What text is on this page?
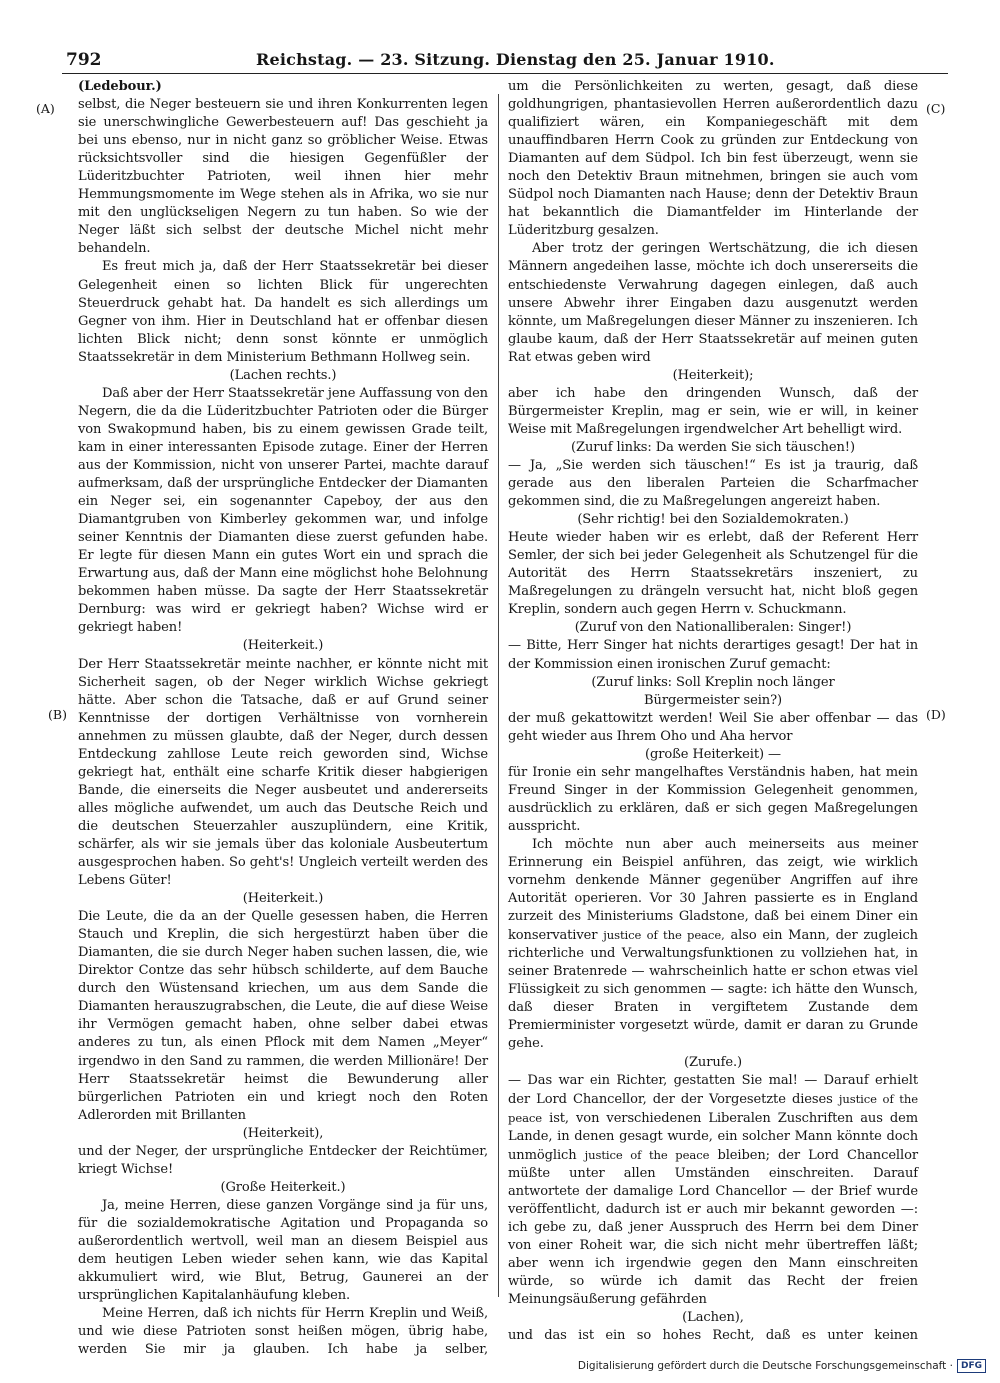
792	Reichstag. — 23. Sitzung. Dienstag den 25. Januar 1910.
(A)
(B)
(C)
(D)

(Ledebour.)

selbst, die Neger besteuern sie und ihren Konkurrenten legen sie unerschwingliche Gewerbesteuern auf! Das geschieht ja bei uns ebenso, nur in nicht ganz so gröblicher Weise. Etwas rücksichtsvoller sind die hiesigen Gegenfüßler der Lüderitzbuchter Patrioten, weil ihnen hier mehr Hemmungsmomente im Wege stehen als in Afrika, wo sie nur mit den unglückseligen Negern zu tun haben. So wie der Neger läßt sich selbst der deutsche Michel nicht mehr behandeln.

Es freut mich ja, daß der Herr Staatssekretär bei dieser Gelegenheit einen so lichten Blick für ungerechten Steuerdruck gehabt hat. Da handelt es sich allerdings um Gegner von ihm. Hier in Deutschland hat er offenbar diesen lichten Blick nicht; denn sonst könnte er unmöglich Staatssekretär in dem Ministerium Bethmann Hollweg sein.

(Lachen rechts.)

Daß aber der Herr Staatssekretär jene Auffassung von den Negern, die da die Lüderitzbuchter Patrioten oder die Bürger von Swakopmund haben, bis zu einem gewissen Grade teilt, kam in einer interessanten Episode zutage. Einer der Herren aus der Kommission, nicht von unserer Partei, machte darauf aufmerksam, daß der ursprüngliche Entdecker der Diamanten ein Neger sei, ein sogenannter Capeboy, der aus den Diamantgruben von Kimberley gekommen war, und infolge seiner Kenntnis der Diamanten diese zuerst gefunden habe. Er legte für diesen Mann ein gutes Wort ein und sprach die Erwartung aus, daß der Mann eine möglichst hohe Belohnung bekommen haben müsse. Da sagte der Herr Staatssekretär Dernburg: was wird er gekriegt haben? Wichse wird er gekriegt haben!

(Heiterkeit.)

Der Herr Staatssekretär meinte nachher, er könnte nicht mit Sicherheit sagen, ob der Neger wirklich Wichse gekriegt hätte. Aber schon die Tatsache, daß er auf Grund seiner Kenntnisse der dortigen Verhältnisse von vornherein annehmen zu müssen glaubte, daß der Neger, durch dessen Entdeckung zahllose Leute reich geworden sind, Wichse gekriegt hat, enthält eine scharfe Kritik dieser habgierigen Bande, die einerseits die Neger ausbeutet und andererseits alles mögliche aufwendet, um auch das Deutsche Reich und die deutschen Steuerzahler auszuplündern, eine Kritik, schärfer, als wir sie jemals über das koloniale Ausbeutertum ausgesprochen haben. So geht's! Ungleich verteilt werden des Lebens Güter!

(Heiterkeit.)

Die Leute, die da an der Quelle gesessen haben, die Herren Stauch und Kreplin, die sich hergestürzt haben über die Diamanten, die sie durch Neger haben suchen lassen, die, wie Direktor Contze das sehr hübsch schilderte, auf dem Bauche durch den Wüstensand kriechen, um aus dem Sande die Diamanten herauszugrabschen, die Leute, die auf diese Weise ihr Vermögen gemacht haben, ohne selber dabei etwas anderes zu tun, als einen Pflock mit dem Namen „Meyer“ irgendwo in den Sand zu rammen, die werden Millionäre! Der Herr Staatssekretär heimst die Bewunderung aller bürgerlichen Patrioten ein und kriegt noch den Roten Adlerorden mit Brillanten

(Heiterkeit),

und der Neger, der ursprüngliche Entdecker der Reichtümer, kriegt Wichse!

(Große Heiterkeit.)

Ja, meine Herren, diese ganzen Vorgänge sind ja für uns, für die sozialdemokratische Agitation und Propaganda so außerordentlich wertvoll, weil man an diesem Beispiel aus dem heutigen Leben wieder sehen kann, wie das Kapital akkumuliert wird, wie Blut, Betrug, Gaunerei an der ursprünglichen Kapitalanhäufung kleben.

Meine Herren, daß ich nichts für Herrn Kreplin und Weiß, und wie diese Patrioten sonst heißen mögen, übrig habe, werden Sie mir ja glauben. Ich habe ja selber,

um die Persönlichkeiten zu werten, gesagt, daß diese goldhungrigen, phantasievollen Herren außerordentlich dazu qualifiziert wären, ein Kompaniegeschäft mit dem unauffindbaren Herrn Cook zu gründen zur Entdeckung von Diamanten auf dem Südpol. Ich bin fest überzeugt, wenn sie noch den Detektiv Braun mitnehmen, bringen sie auch vom Südpol noch Diamanten nach Hause; denn der Detektiv Braun hat bekanntlich die Diamantfelder im Hinterlande der Lüderitzburg gesalzen.

Aber trotz der geringen Wertschätzung, die ich diesen Männern angedeihen lasse, möchte ich doch unsererseits die entschiedenste Verwahrung dagegen einlegen, daß auch unsere Abwehr ihrer Eingaben dazu ausgenutzt werden könnte, um Maßregelungen dieser Männer zu inszenieren. Ich glaube kaum, daß der Herr Staatssekretär auf meinen guten Rat etwas geben wird

(Heiterkeit);

aber ich habe den dringenden Wunsch, daß der Bürgermeister Kreplin, mag er sein, wie er will, in keiner Weise mit Maßregelungen irgendwelcher Art behelligt wird.

(Zuruf links: Da werden Sie sich täuschen!)

— Ja, „Sie werden sich täuschen!“ Es ist ja traurig, daß gerade aus den liberalen Parteien die Scharfmacher gekommen sind, die zu Maßregelungen angereizt haben.

(Sehr richtig! bei den Sozialdemokraten.)

Heute wieder haben wir es erlebt, daß der Referent Herr Semler, der sich bei jeder Gelegenheit als Schutzengel für die Autorität des Herrn Staatssekretärs inszeniert, zu Maßregelungen zu drängeln versucht hat, nicht bloß gegen Kreplin, sondern auch gegen Herrn v. Schuckmann.

(Zuruf von den Nationalliberalen: Singer!)

— Bitte, Herr Singer hat nichts derartiges gesagt! Der hat in der Kommission einen ironischen Zuruf gemacht:

(Zuruf links: Soll Kreplin noch länger

Bürgermeister sein?)

der muß gekattowitzt werden! Weil Sie aber offenbar — das geht wieder aus Ihrem Oho und Aha hervor

(große Heiterkeit) —

für Ironie ein sehr mangelhaftes Verständnis haben, hat mein Freund Singer in der Kommission Gelegenheit genommen, ausdrücklich zu erklären, daß er sich gegen Maßregelungen ausspricht.

Ich möchte nun aber auch meinerseits aus meiner Erinnerung ein Beispiel anführen, das zeigt, wie wirklich vornehm denkende Männer gegenüber Angriffen auf ihre Autorität operieren. Vor 30 Jahren passierte es in England zurzeit des Ministeriums Gladstone, daß bei einem Diner ein konservativer justice of the peace, also ein Mann, der zugleich richterliche und Verwaltungsfunktionen zu vollziehen hat, in seiner Bratenrede — wahrscheinlich hatte er schon etwas viel Flüssigkeit zu sich genommen — sagte: ich hätte den Wunsch, daß dieser Braten in vergiftetem Zustande dem Premierminister vorgesetzt würde, damit er daran zu Grunde gehe.

(Zurufe.)

— Das war ein Richter, gestatten Sie mal! — Darauf erhielt der Lord Chancellor, der der Vorgesetzte dieses justice of the peace ist, von verschiedenen Liberalen Zuschriften aus dem Lande, in denen gesagt wurde, ein solcher Mann könnte doch unmöglich justice of the peace bleiben; der Lord Chancellor müßte unter allen Umständen einschreiten. Darauf antwortete der damalige Lord Chancellor — der Brief wurde veröffentlicht, dadurch ist er auch mir bekannt geworden —: ich gebe zu, daß jener Ausspruch des Herrn bei dem Diner von einer Roheit war, die sich nicht mehr übertreffen läßt; aber wenn ich irgendwie gegen den Mann einschreiten würde, so würde ich damit das Recht der freien Meinungsäußerung gefährden

(Lachen),

und das ist ein so hohes Recht, daß es unter keinen

Digitalisierung gefördert durch die Deutsche Forschungsgemeinschaft · DFG
